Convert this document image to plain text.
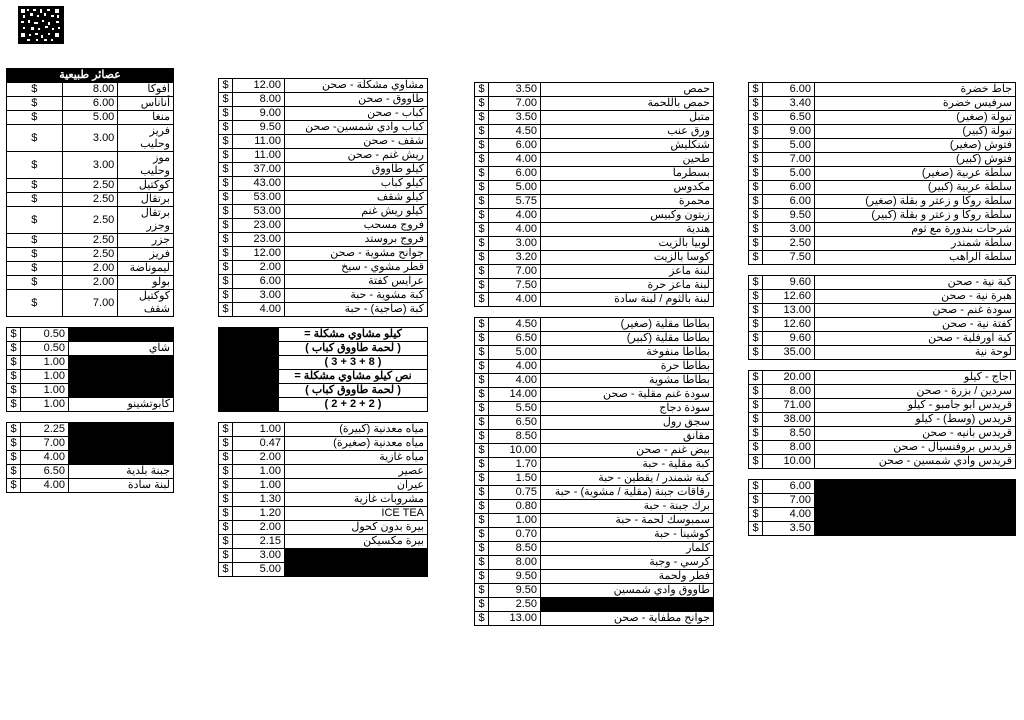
عصائر طبيعية		
$	8.00	أفوكا
$	6.00	أناناس
$	5.00	منغا
$	3.00	فريز وحليب
$	3.00	موز وحليب
$	2.50	كوكتيل
$	2.50	برتقال
$	2.50	برتقال وجزر
$	2.50	جزر
$	2.50	فريز
$	2.00	ليموناضة
$	2.00	بولو
$	7.00	كوكتيل شقف
$	0.50	
$	0.50	شاي
$	1.00	
$	1.00	
$	1.00	
$	1.00	كابوتشينو
$	2.25	
$	7.00	
$	4.00	
$	6.50	جبنة بلدية
$	4.00	لبنة سادة
$	12.00	مشاوي مشكلة - صحن
$	8.00	طاووق - صحن
$	9.00	كباب - صحن
$	9.50	كباب وادي شمسين- صحن
$	11.00	شقف - صحن
$	11.00	ريش غنم - صحن
$	37.00	كيلو طاووق
$	43.00	كيلو كباب
$	53.00	كيلو شقف
$	53.00	كيلو ريش غنم
$	23.00	فروج مسحب
$	23.00	فروج بروستد
$	12.00	جوانح مشوية - صحن
$	2.00	قطر مشوي - سيخ
$	6.00	عرايس كفتة
$	3.00	كبة مشوية - حبة
$	4.00	كبة (صاجية) - حبة
	كيلو مشاوي مشكلة =
	( لحمة طاووق كباب )
	( 8 + 3 + 3 )
	نص كيلو مشاوي مشكلة =
	( لحمة طاووق كباب )
	( 2 + 2 + 2 )
$	1.00	مياه معدنية (كبيرة)
$	0.47	مياه معدنية (صغيرة)
$	2.00	مياه غازية
$	1.00	عصير
$	1.00	عيران
$	1.30	مشروبات غازية
$	1.20	ICE TEA
$	2.00	بيرة بدون كحول
$	2.15	بيرة مكسيكن
$	3.00	
$	5.00	
$	3.50	حمص
$	7.00	حمص باللحمة
$	3.50	متبل
$	4.50	ورق عنب
$	6.00	شنكليش
$	4.00	طحين
$	6.00	بسطرما
$	5.00	مكدوس
$	5.75	محمرة
$	4.00	زيتون وكبيس
$	4.00	هندية
$	3.00	لوبيا بالزيت
$	3.20	كوسا بالزيت
$	7.00	لبنة ماعز
$	7.50	لبنة ماعز حرة
$	4.00	لبنة بالثوم / لبنة سادة
$	4.50	بطاطا مقلية (صغير)
$	6.50	بطاطا مقلية (كبير)
$	5.00	بطاطا منفوخة
$	4.00	بطاطا حرة
$	4.00	بطاطا مشوية
$	14.00	سودة غنم مقلية - صحن
$	5.50	سودة دجاج
$	6.50	سجق رول
$	8.50	مقانق
$	10.00	بيض غنم - صحن
$	1.70	كبة مقلية - حبة
$	1.50	كبة شمندر / يقطين - حبة
$	0.75	رقاقات جبنة (مقلية / مشوية) - حبة
$	0.80	برك جبنة - حبة
$	1.00	سمبوسك لحمة - حبة
$	0.70	كوشينا - حبة
$	8.50	كلمار
$	8.00	كرسي - وجبة
$	9.50	فطر ولحمة
$	9.50	طاووق وادي شمسين
$	2.50	
$	13.00	جوانح مطفاية - صحن
$	6.00	جاط خضرة
$	3.40	سرفيس خضرة
$	6.50	تبولة (صغير)
$	9.00	تبولة (كبير)
$	5.00	فتوش (صغير)
$	7.00	فتوش (كبير)
$	5.00	سلطة عربية (صغير)
$	6.00	سلطة عربية (كبير)
$	6.00	سلطة روكا و زعتر و بقلة (صغير)
$	9.50	سلطة روكا و زعتر و بقلة (كبير)
$	3.00	شرحات بندورة مع ثوم
$	2.50	سلطة شمندر
$	7.50	سلطة الراهب
$	9.60	كبة نية - صحن
$	12.60	هبرة نية - صحن
$	13.00	سودة غنم - صحن
$	12.60	كفتة نية - صحن
$	9.60	كبة اورفلية - صحن
$	35.00	لوحة نية
$	20.00	اجاج - كيلو
$	8.00	سردين / بزرة - صحن
$	71.00	قريدس ابو جامبو - كيلو
$	38.00	قريدس (وسط) - كيلو
$	8.50	قريدس بانيه - صحن
$	8.00	قريدس بروفنسيال - صحن
$	10.00	قريدس وادي شمسين - صحن
$	6.00	
$	7.00	
$	4.00	
$	3.50	
